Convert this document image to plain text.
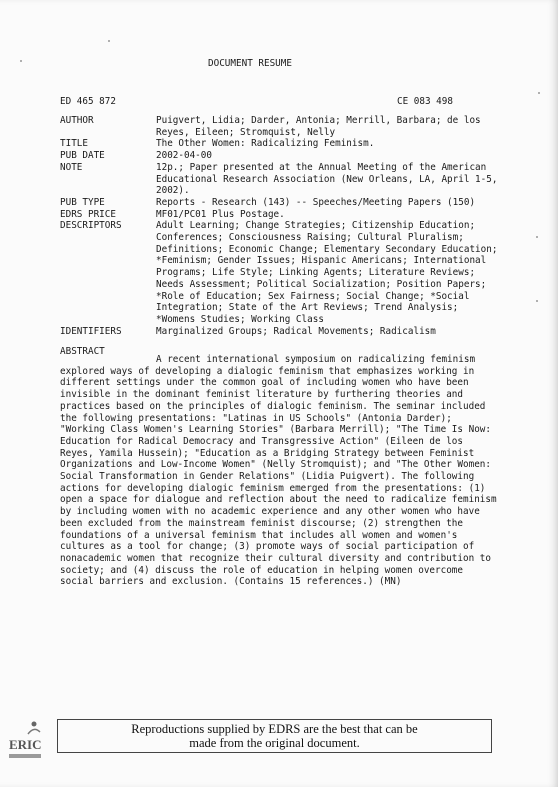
DOCUMENT RESUME
ED 465 872	CE 083 498
AUTHOR	Puigvert, Lidia; Darder, Antonia; Merrill, Barbara; de los Reyes, Eileen; Stromquist, Nelly
TITLE	The Other Women: Radicalizing Feminism.
PUB DATE	2002-04-00
NOTE	12p.; Paper presented at the Annual Meeting of the American Educational Research Association (New Orleans, LA, April 1-5, 2002).
PUB TYPE	Reports - Research (143) -- Speeches/Meeting Papers (150)
EDRS PRICE	MF01/PC01 Plus Postage.
DESCRIPTORS	Adult Learning; Change Strategies; Citizenship Education; Conferences; Consciousness Raising; Cultural Pluralism; Definitions; Economic Change; Elementary Secondary Education; *Feminism; Gender Issues; Hispanic Americans; International Programs; Life Style; Linking Agents; Literature Reviews; Needs Assessment; Political Socialization; Position Papers; *Role of Education; Sex Fairness; Social Change; *Social Integration; State of the Art Reviews; Trend Analysis; *Womens Studies; Working Class
IDENTIFIERS	Marginalized Groups; Radical Movements; Radicalism
ABSTRACT
A recent international symposium on radicalizing feminism explored ways of developing a dialogic feminism that emphasizes working in different settings under the common goal of including women who have been invisible in the dominant feminist literature by furthering theories and practices based on the principles of dialogic feminism. The seminar included the following presentations: "Latinas in US Schools" (Antonia Darder); "Working Class Women's Learning Stories" (Barbara Merrill); "The Time Is Now: Education for Radical Democracy and Transgressive Action" (Eileen de los Reyes, Yamila Hussein); "Education as a Bridging Strategy between Feminist Organizations and Low-Income Women" (Nelly Stromquist); and "The Other Women: Social Transformation in Gender Relations" (Lidia Puigvert). The following actions for developing dialogic feminism emerged from the presentations: (1) open a space for dialogue and reflection about the need to radicalize feminism by including women with no academic experience and any other women who have been excluded from the mainstream feminist discourse; (2) strengthen the foundations of a universal feminism that includes all women and women's cultures as a tool for change; (3) promote ways of social participation of nonacademic women that recognize their cultural diversity and contribution to society; and (4) discuss the role of education in helping women overcome social barriers and exclusion. (Contains 15 references.) (MN)
ERIC
Reproductions supplied by EDRS are the best that can be made from the original document.
